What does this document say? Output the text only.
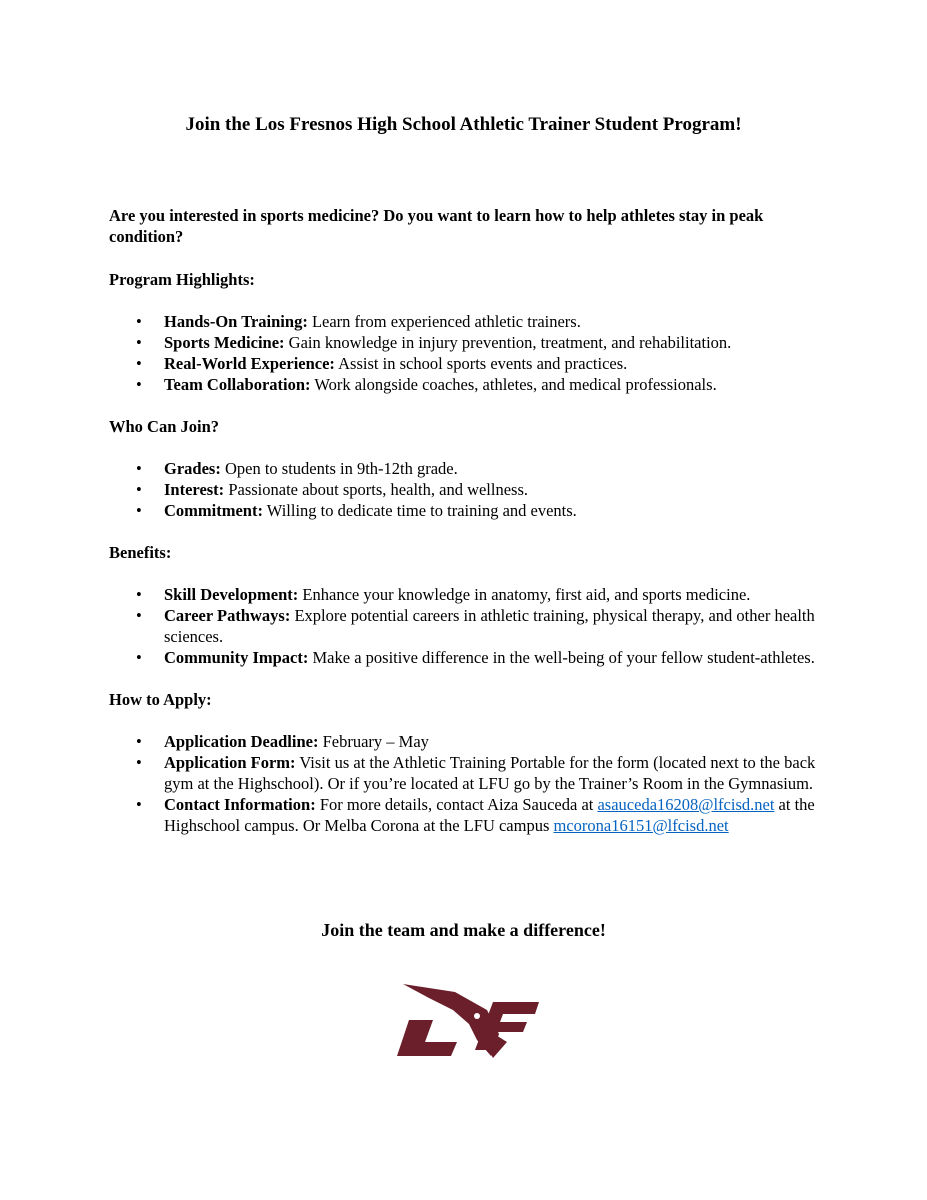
Join the Los Fresnos High School Athletic Trainer Student Program!

Are you interested in sports medicine? Do you want to learn how to help athletes stay in peak condition?

Program Highlights:

• Hands-On Training: Learn from experienced athletic trainers.
• Sports Medicine: Gain knowledge in injury prevention, treatment, and rehabilitation.
• Real-World Experience: Assist in school sports events and practices.
• Team Collaboration: Work alongside coaches, athletes, and medical professionals.

Who Can Join?

• Grades: Open to students in 9th-12th grade.
• Interest: Passionate about sports, health, and wellness.
• Commitment: Willing to dedicate time to training and events.

Benefits:

• Skill Development: Enhance your knowledge in anatomy, first aid, and sports medicine.
• Career Pathways: Explore potential careers in athletic training, physical therapy, and other health sciences.
• Community Impact: Make a positive difference in the well-being of your fellow student-athletes.

How to Apply:

• Application Deadline: February – May
• Application Form: Visit us at the Athletic Training Portable for the form (located next to the back gym at the Highschool). Or if you’re located at LFU go by the Trainer’s Room in the Gymnasium.
• Contact Information: For more details, contact Aiza Sauceda at asauceda16208@lfcisd.net at the Highschool campus. Or Melba Corona at the LFU campus mcorona16151@lfcisd.net

Join the team and make a difference!
